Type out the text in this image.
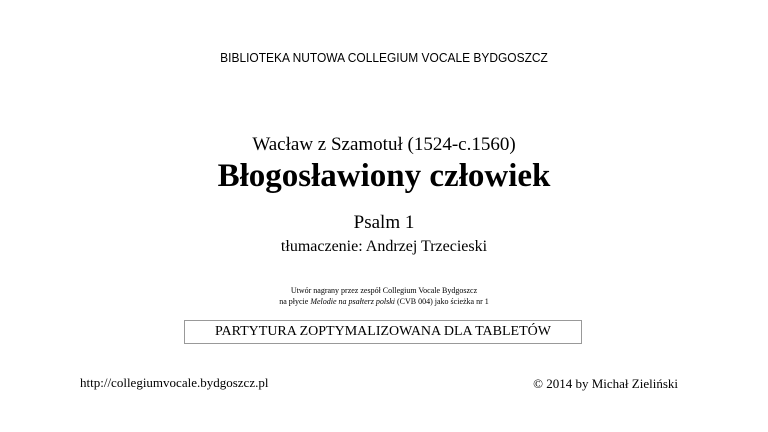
BIBLIOTEKA NUTOWA COLLEGIUM VOCALE BYDGOSZCZ
Wacław z Szamotuł (1524-c.1560)
Błogosławiony człowiek
Psalm 1
tłumaczenie: Andrzej Trzecieski
Utwór nagrany przez zespół Collegium Vocale Bydgoszcz
na płycie Melodie na psałterz polski (CVB 004) jako ścieżka nr 1
PARTYTURA ZOPTYMALIZOWANA DLA TABLETÓW
http://collegiumvocale.bydgoszcz.pl	© 2014 by Michał Zieliński
